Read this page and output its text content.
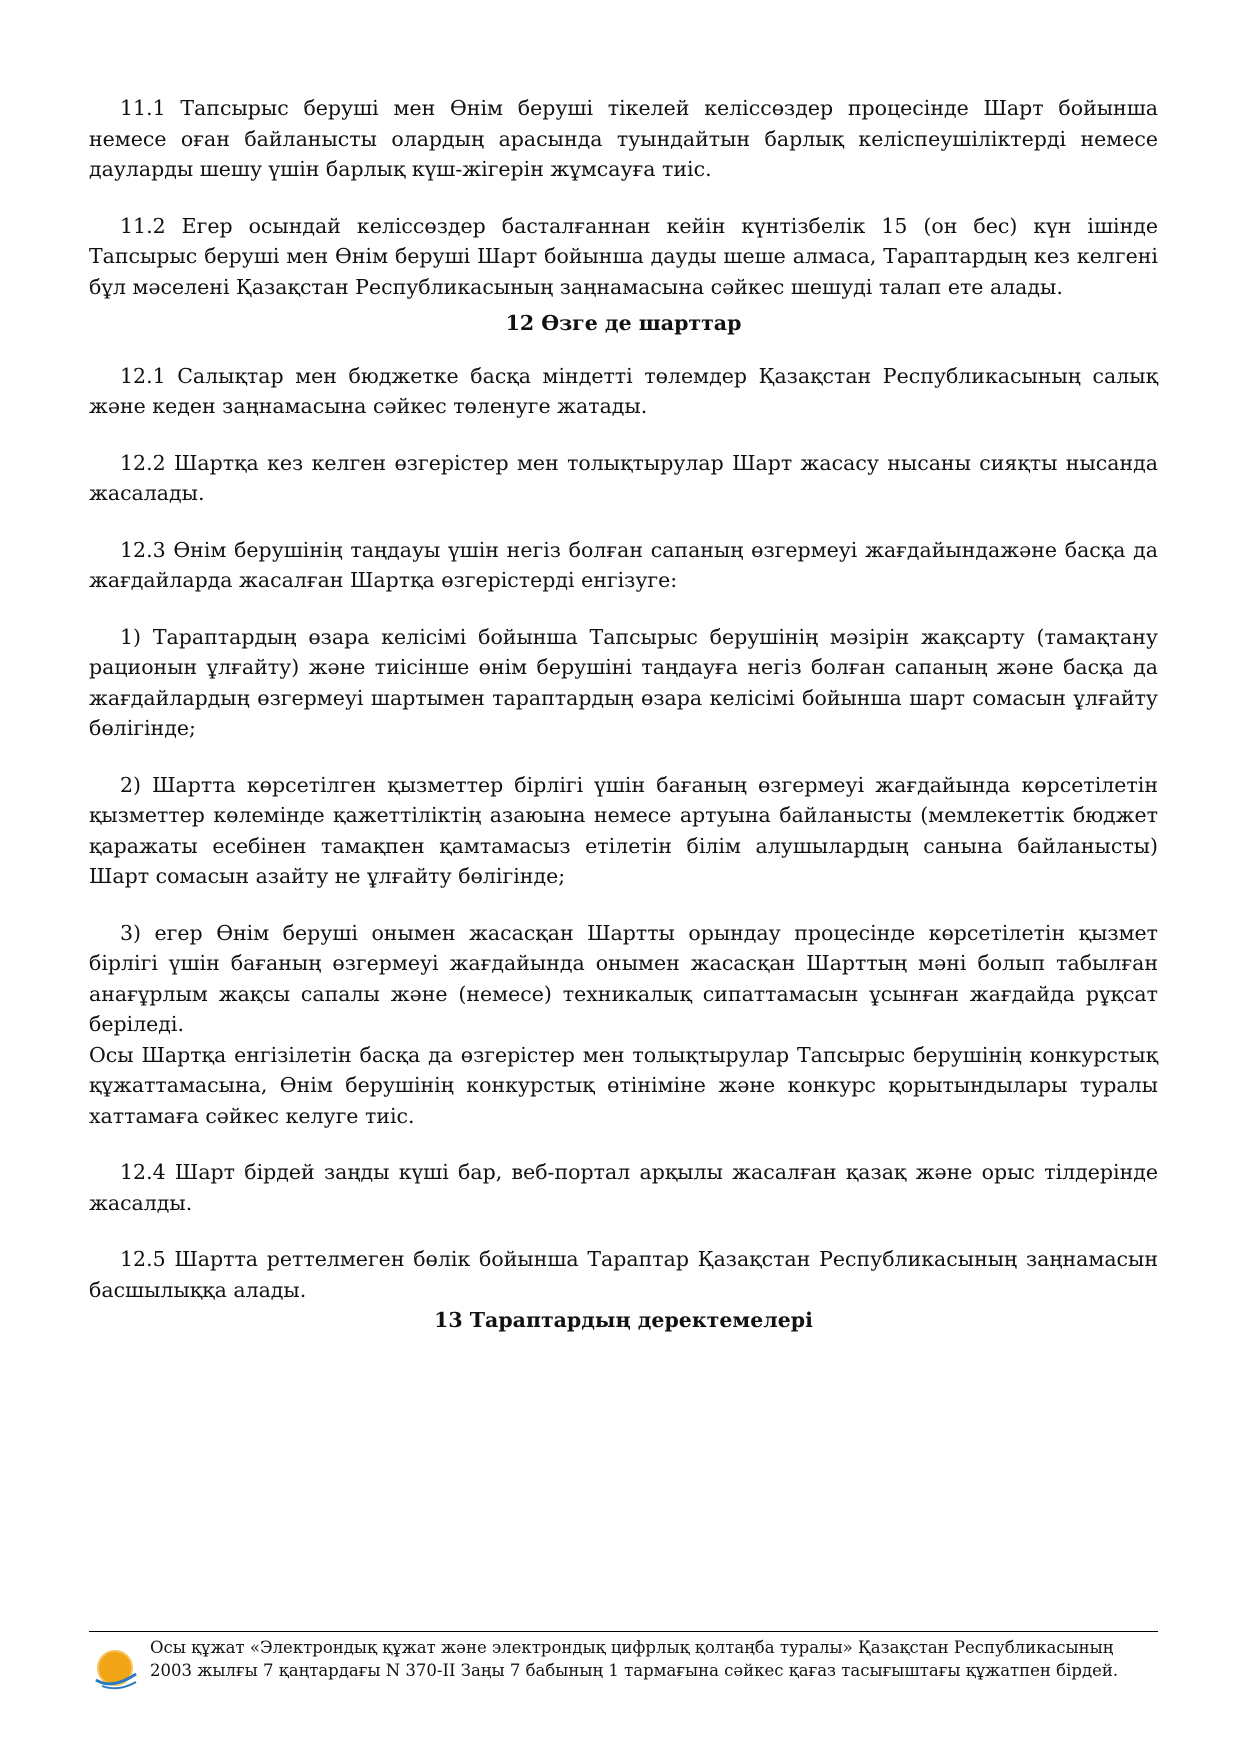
11.1 Тапсырыс беруші мен Өнім беруші тікелей келіссөздер процесінде Шарт бойынша немесе оған байланысты олардың арасында туындайтын барлық келіспеушіліктерді немесе дауларды шешу үшін барлық күш-жігерін жұмсауға тиіс.

11.2 Егер осындай келіссөздер басталғаннан кейін күнтізбелік 15 (он бес) күн ішінде Тапсырыс беруші мен Өнім беруші Шарт бойынша дауды шеше алмаса, Тараптардың кез келгені бұл мәселені Қазақстан Республикасының заңнамасына сәйкес шешуді талап ете алады.

12 Өзге де шарттар

12.1 Салықтар мен бюджетке басқа міндетті төлемдер Қазақстан Республикасының салық және кеден заңнамасына сәйкес төленуге жатады.

12.2 Шартқа кез келген өзгерістер мен толықтырулар Шарт жасасу нысаны сияқты нысанда жасалады.

12.3 Өнім берушінің таңдауы үшін негіз болған сапаның өзгермеуі жағдайындажәне басқа да жағдайларда жасалған Шартқа өзгерістерді енгізуге:

1) Тараптардың өзара келісімі бойынша Тапсырыс берушінің мәзірін жақсарту (тамақтану рационын ұлғайту) және тиісінше өнім берушіні таңдауға негіз болған сапаның және басқа да жағдайлардың өзгермеуі шартымен тараптардың өзара келісімі бойынша шарт сомасын ұлғайту бөлігінде;

2) Шартта көрсетілген қызметтер бірлігі үшін бағаның өзгермеуі жағдайында көрсетілетін қызметтер көлемінде қажеттіліктің азаюына немесе артуына байланысты (мемлекеттік бюджет қаражаты есебінен тамақпен қамтамасыз етілетін білім алушылардың санына байланысты) Шарт сомасын азайту не ұлғайту бөлігінде;

3) егер Өнім беруші онымен жасасқан Шартты орындау процесінде көрсетілетін қызмет бірлігі үшін бағаның өзгермеуі жағдайында онымен жасасқан Шарттың мәні болып табылған анағұрлым жақсы сапалы және (немесе) техникалық сипаттамасын ұсынған жағдайда рұқсат беріледі.

Осы Шартқа енгізілетін басқа да өзгерістер мен толықтырулар Тапсырыс берушінің конкурстық құжаттамасына, Өнім берушінің конкурстық өтініміне және конкурс қорытындылары туралы хаттамаға сәйкес келуге тиіс.

12.4 Шарт бірдей заңды күші бар, веб-портал арқылы жасалған қазақ және орыс тілдерінде жасалды.

12.5 Шартта реттелмеген бөлік бойынша Тараптар Қазақстан Республикасының заңнамасын басшылыққа алады.

13 Тараптардың деректемелері
Осы құжат «Электрондық құжат және электрондық цифрлық қолтаңба туралы» Қазақстан Республикасының 2003 жылғы 7 қаңтардағы N 370-II Заңы 7 бабының 1 тармағына сәйкес қағаз тасығыштағы құжатпен бірдей.
